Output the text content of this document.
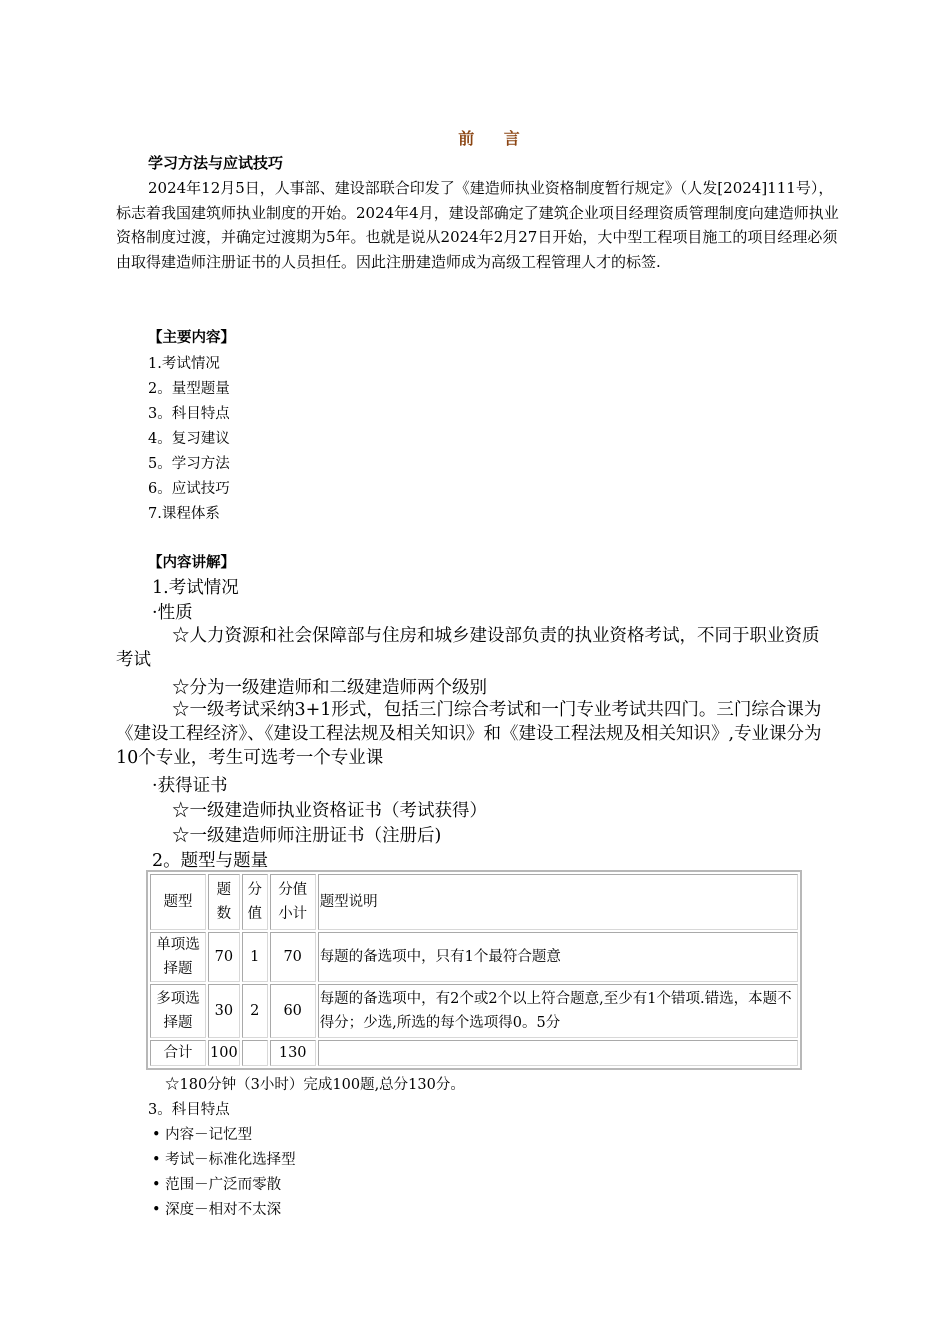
前 言
学习方法与应试技巧

2024年12月5日，人事部、建设部联合印发了《建造师执业资格制度暂行规定》（人发[2024]111号），标志着我国建筑师执业制度的开始。2024年4月，建设部确定了建筑企业项目经理资质管理制度向建造师执业资格制度过渡，并确定过渡期为5年。也就是说从2024年2月27日开始，大中型工程项目施工的项目经理必须由取得建造师注册证书的人员担任。因此注册建造师成为高级工程管理人才的标签.

【主要内容】
1.考试情况
2。量型题量
3。科目特点
4。复习建议
5。学习方法
6。应试技巧
7.课程体系
【内容讲解】
1.考试情况
·性质

☆人力资源和社会保障部与住房和城乡建设部负责的执业资格考试，不同于职业资质考试

☆分为一级建造师和二级建造师两个级别

☆一级考试采纳3+1形式，包括三门综合考试和一门专业考试共四门。三门综合课为《建设工程经济》、《建设工程法规及相关知识》和《建设工程法规及相关知识》,专业课分为10个专业，考生可选考一个专业课

·获得证书
☆一级建造师执业资格证书（考试获得）
☆一级建造师师注册证书（注册后)
2。题型与题量
题型	题数	分值	分值小计	题型说明
单项选择题	70	1	70	每题的备选项中，只有1个最符合题意
多项选择题	30	2	60	每题的备选项中，有2个或2个以上符合题意,至少有1个错项.错选，本题不得分；少选,所选的每个选项得0。5分
合计	100		130	
☆180分钟（3小时）完成100题,总分130分。
3。科目特点
• 内容－记忆型
• 考试－标准化选择型
• 范围－广泛而零散
• 深度－相对不太深
